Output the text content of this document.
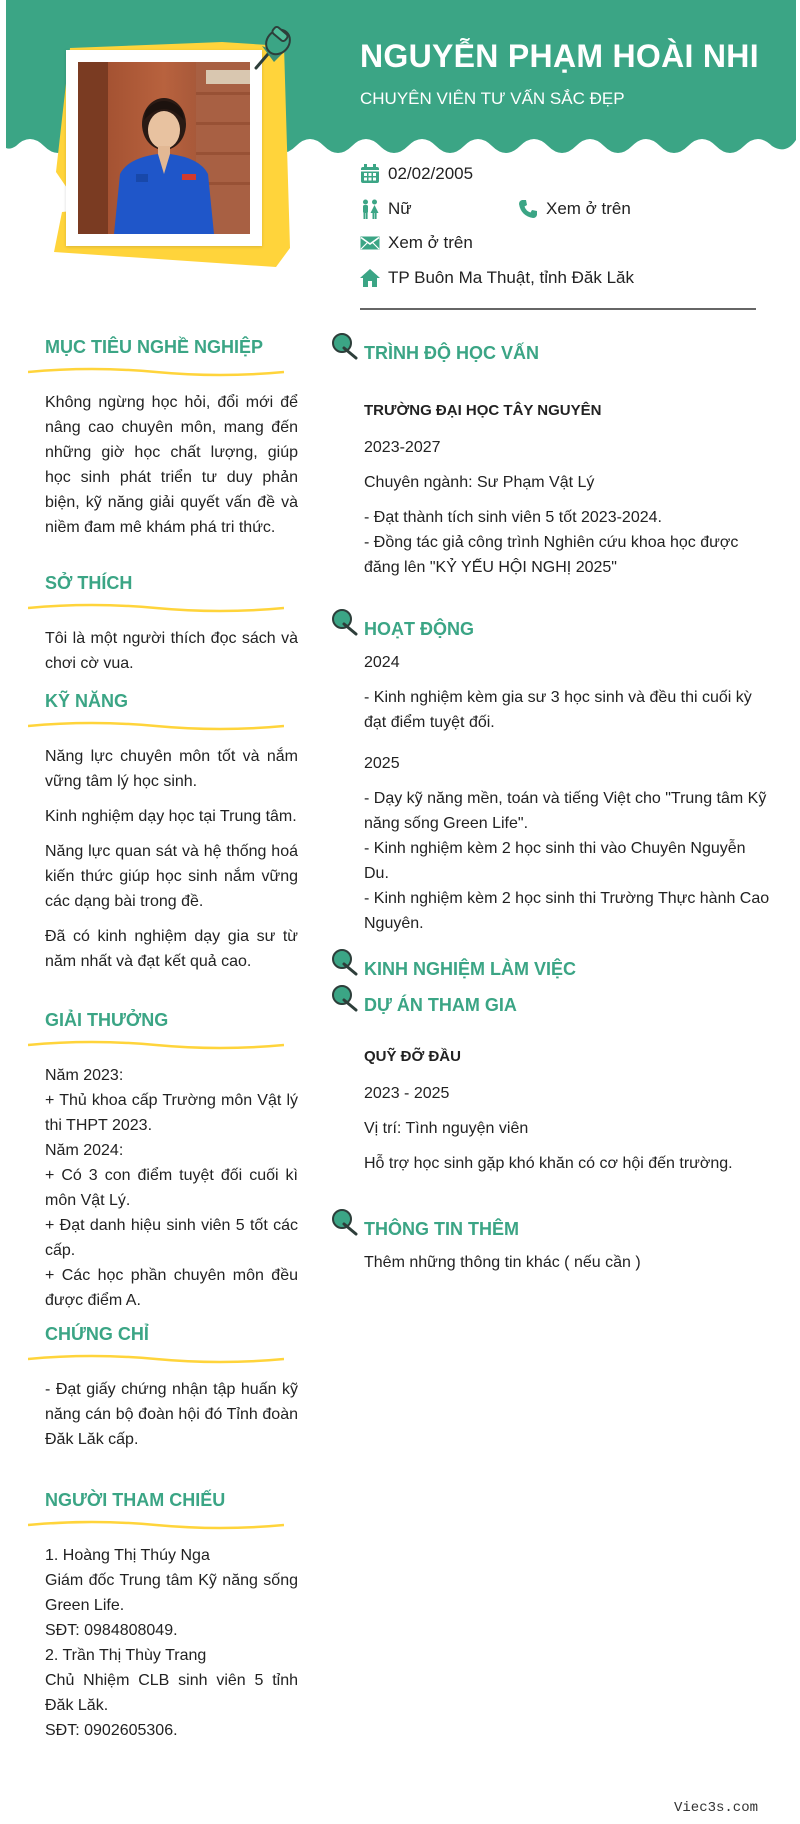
NGUYỄN PHẠM HOÀI NHI
CHUYÊN VIÊN TƯ VẤN SẮC ĐẸP
02/02/2005
Nữ	Xem ở trên
Xem ở trên
TP Buôn Ma Thuật, tỉnh Đăk Lăk
MỤC TIÊU NGHỀ NGHIỆP
Không ngừng học hỏi, đổi mới để nâng cao chuyên môn, mang đến những giờ học chất lượng, giúp học sinh phát triển tư duy phản biện, kỹ năng giải quyết vấn đề và niềm đam mê khám phá tri thức.
SỞ THÍCH
Tôi là một người thích đọc sách và chơi cờ vua.
KỸ NĂNG

Năng lực chuyên môn tốt và nắm vững tâm lý học sinh.

Kinh nghiệm dạy học tại Trung tâm.

Năng lực quan sát và hệ thống hoá kiến thức giúp học sinh nắm vững các dạng bài trong đề.

Đã có kinh nghiệm dạy gia sư từ năm nhất và đạt kết quả cao.

GIẢI THƯỞNG
Năm 2023:
+ Thủ khoa cấp Trường môn Vật lý thi THPT 2023.
Năm 2024:
+ Có 3 con điểm tuyệt đối cuối kì môn Vật Lý.
+ Đạt danh hiệu sinh viên 5 tốt các cấp.
+ Các học phần chuyên môn đều được điểm A.
CHỨNG CHỈ
- Đạt giấy chứng nhận tập huấn kỹ năng cán bộ đoàn hội đó Tỉnh đoàn Đăk Lăk cấp.
NGƯỜI THAM CHIẾU
1. Hoàng Thị Thúy Nga
Giám đốc Trung tâm Kỹ năng sống Green Life.
SĐT: 0984808049.
2. Trần Thị Thùy Trang
Chủ Nhiệm CLB sinh viên 5 tỉnh Đăk Lăk.
SĐT: 0902605306.
TRÌNH ĐỘ HỌC VẤN
TRƯỜNG ĐẠI HỌC TÂY NGUYÊN
2023-2027
Chuyên ngành: Sư Phạm Vật Lý
- Đạt thành tích sinh viên 5 tốt 2023-2024.
- Đồng tác giả công trình Nghiên cứu khoa học được đăng lên "KỶ YẾU HỘI NGHỊ 2025"
HOẠT ĐỘNG
2024
- Kinh nghiệm kèm gia sư 3 học sinh và đều thi cuối kỳ đạt điểm tuyệt đối.
2025
- Dạy kỹ năng mền, toán và tiếng Việt cho "Trung tâm Kỹ năng sống Green Life".
- Kinh nghiệm kèm 2 học sinh thi vào Chuyên Nguyễn Du.
- Kinh nghiệm kèm 2 học sinh thi Trường Thực hành Cao Nguyên.
KINH NGHIỆM LÀM VIỆC
DỰ ÁN THAM GIA
QUỸ ĐỠ ĐẦU
2023 - 2025
Vị trí: Tình nguyện viên
Hỗ trợ học sinh gặp khó khăn có cơ hội đến trường.
THÔNG TIN THÊM
Thêm những thông tin khác ( nếu cần )
Viec3s.com
